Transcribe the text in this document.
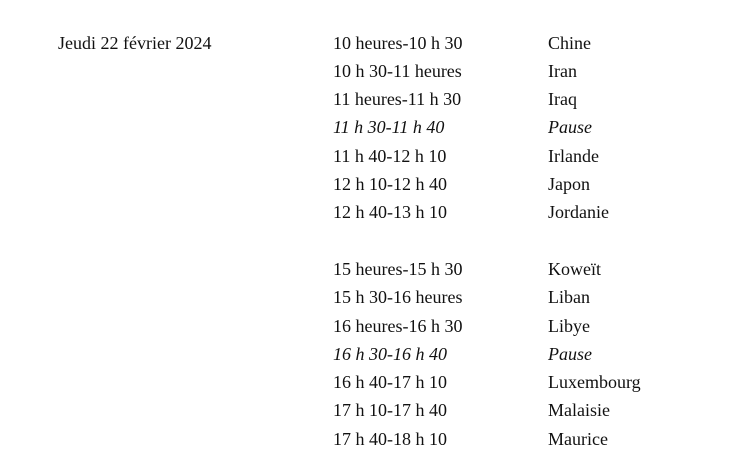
Jeudi 22 février 2024	10 heures-10 h 30	Chine
10 h 30-11 heures	Iran
11 heures-11 h 30	Iraq
11 h 30-11 h 40	Pause
11 h 40-12 h 10	Irlande
12 h 10-12 h 40	Japon
12 h 40-13 h 10	Jordanie
15 heures-15 h 30	Koweït
15 h 30-16 heures	Liban
16 heures-16 h 30	Libye
16 h 30-16 h 40	Pause
16 h 40-17 h 10	Luxembourg
17 h 10-17 h 40	Malaisie
17 h 40-18 h 10	Maurice
